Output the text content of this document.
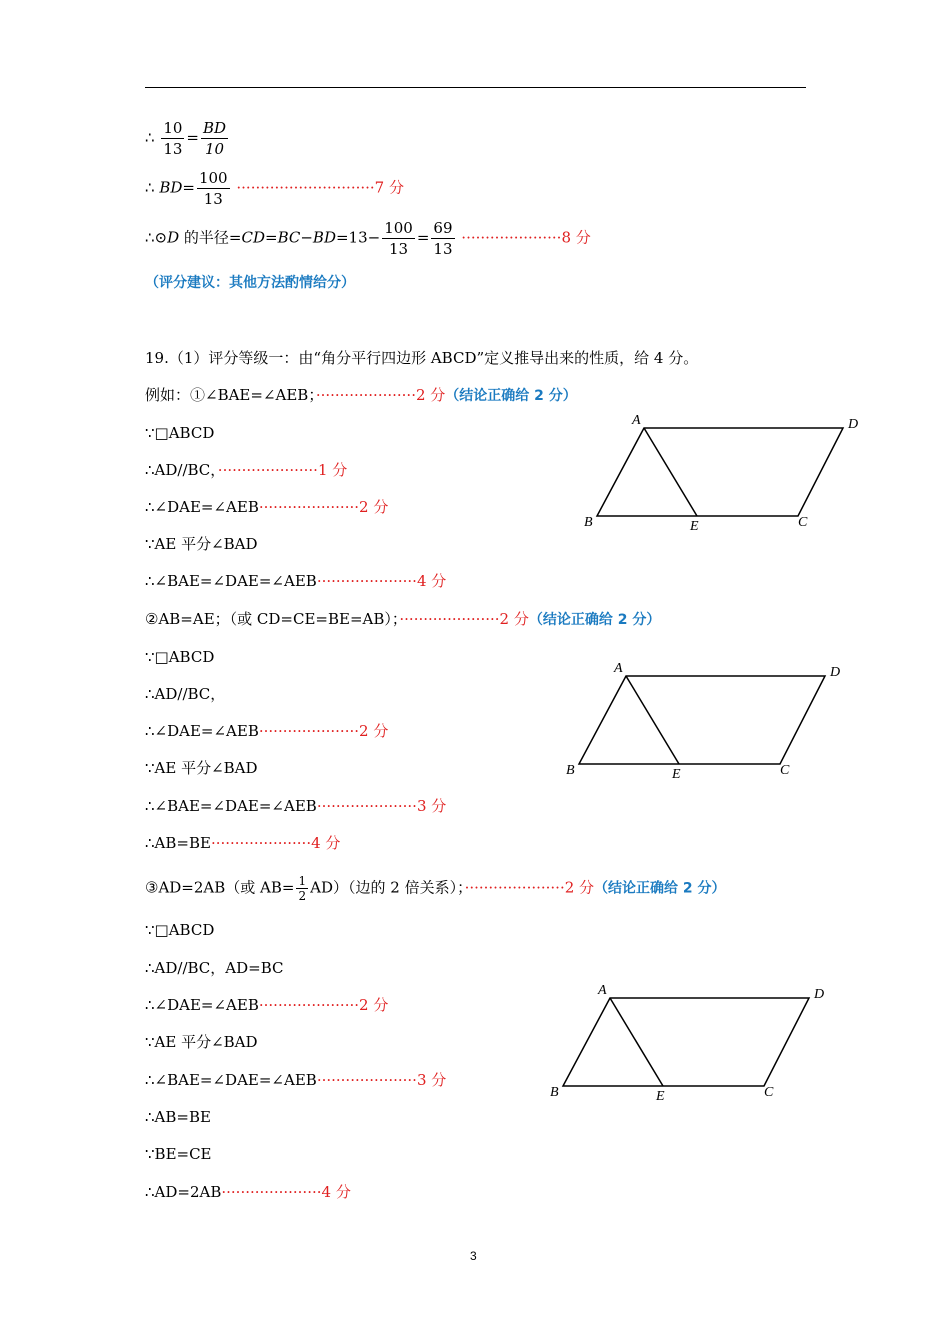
∴ $\frac{10}{13} = \frac{BD}{10}$
∴ $BD= \frac{100}{13} \cdot\cdot\cdot\cdot\cdot\cdot\cdot\cdot\cdot\cdot\cdot\cdot\cdot\cdot\cdot\cdot\cdot\cdot\cdot\cdot\cdot\cdot\cdot\cdot\cdot\cdot\cdot\cdot\cdot 7$ 分
∴⊙D 的半径$=CD=BC-BD=13- \frac{100}{13} = \frac{69}{13} \cdot\cdot\cdot\cdot\cdot\cdot\cdot\cdot\cdot\cdot\cdot\cdot\cdot\cdot\cdot\cdot\cdot\cdot\cdot\cdot\cdot 8$ 分
（评分建议：其他方法酌情给分）
19.（1）评分等级一：由“角分平行四边形 ABCD”定义推导出来的性质，给 4 分。
例如：①∠BAE=∠AEB；·····················2 分（结论正确给 2 分）
∵□ABCD
∴AD//BC，·····················1 分
∴∠DAE=∠AEB·····················2 分
∵AE 平分∠BAD
∴∠BAE=∠DAE=∠AEB·····················4 分
②AB=AE；（或 CD=CE=BE=AB）；·····················2 分（结论正确给 2 分）
∵□ABCD
∴AD//BC，
∴∠DAE=∠AEB·····················2 分
∵AE 平分∠BAD
∴∠BAE=∠DAE=∠AEB·····················3 分
∴AB=BE·····················4 分
③AD=2AB（或 $AB= \frac{1}{2} AD$）（边的 2 倍关系）；·····················2 分（结论正确给 2 分）
∵□ABCD
∴AD//BC，AD=BC
∴∠DAE=∠AEB·····················2 分
∵AE 平分∠BAD
∴∠BAE=∠DAE=∠AEB·····················3 分
∴AB=BE
∵BE=CE
∴AD=2AB·····················4 分
A	D
B	E	C
A	D
B	E	C
A	D
B	E	C
3
